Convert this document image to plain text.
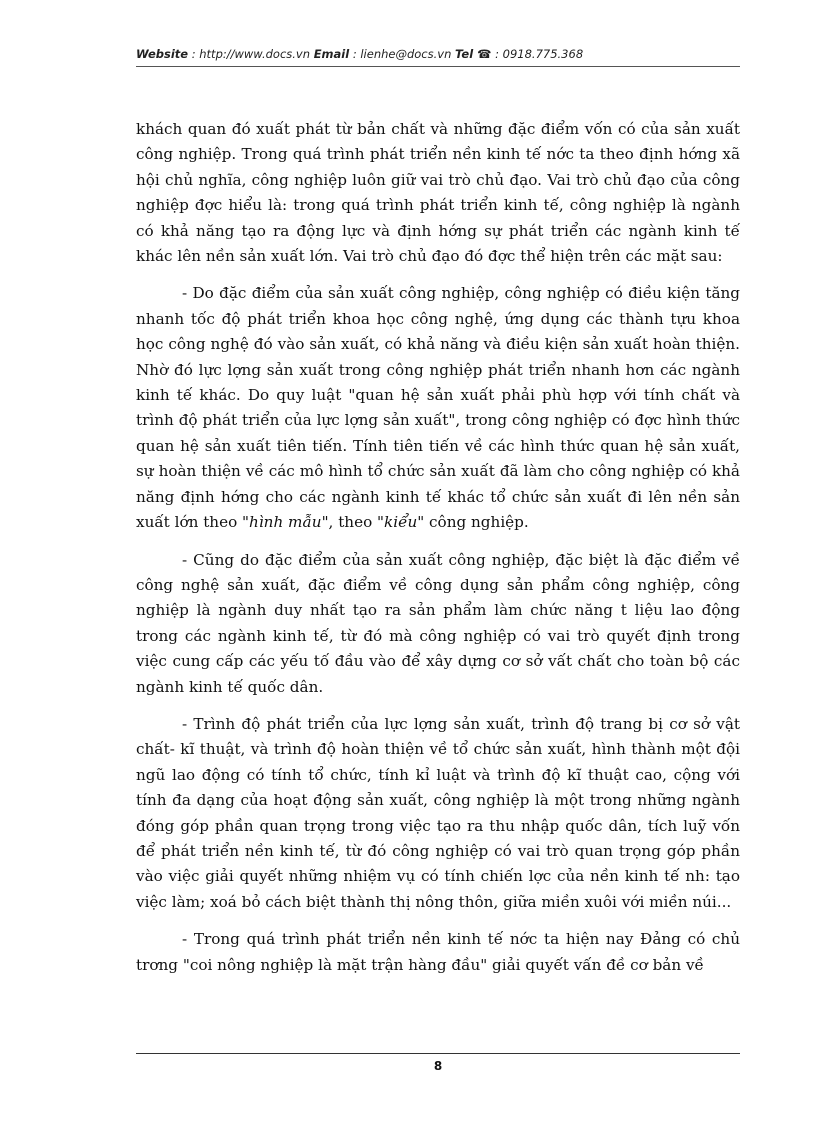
Website : http://www.docs.vn Email : lienhe@docs.vn Tel ☎ : 0918.775.368

khách quan đó xuất phát từ bản chất và những đặc điểm vốn có của sản xuất công nghiệp. Trong quá trình phát triển nền kinh tế nớc ta theo định hớng xã hội chủ nghĩa, công nghiệp luôn giữ vai trò chủ đạo. Vai trò chủ đạo của công nghiệp đợc hiểu là: trong quá trình phát triển kinh tế, công nghiệp là ngành có khả năng tạo ra động lực và định hớng sự phát triển các ngành kinh tế khác lên nền sản xuất lớn. Vai trò chủ đạo đó đợc thể hiện trên các mặt sau:

- Do đặc điểm của sản xuất công nghiệp, công nghiệp có điều kiện tăng nhanh tốc độ phát triển khoa học công nghệ, ứng dụng các thành tựu khoa học công nghệ đó vào sản xuất, có khả năng và điều kiện sản xuất hoàn thiện. Nhờ đó lực lợng sản xuất trong công nghiệp phát triển nhanh hơn các ngành kinh tế khác. Do quy luật "quan hệ sản xuất phải phù hợp với tính chất và trình độ phát triển của lực lợng sản xuất", trong công nghiệp có đợc hình thức quan hệ sản xuất tiên tiến. Tính tiên tiến về các hình thức quan hệ sản xuất, sự hoàn thiện về các mô hình tổ chức sản xuất đã làm cho công nghiệp có khả năng định hớng cho các ngành kinh tế khác tổ chức sản xuất đi lên nền sản xuất lớn theo "hình mẫu", theo "kiểu" công nghiệp.

- Cũng do đặc điểm của sản xuất công nghiệp, đặc biệt là đặc điểm về công nghệ sản xuất, đặc điểm về công dụng sản phẩm công nghiệp, công nghiệp là ngành duy nhất tạo ra sản phẩm làm chức năng t liệu lao động trong các ngành kinh tế, từ đó mà công nghiệp có vai trò quyết định trong việc cung cấp các yếu tố đầu vào để xây dựng cơ sở vất chất cho toàn bộ các ngành kinh tế quốc dân.

- Trình độ phát triển của lực lợng sản xuất, trình độ trang bị cơ sở vật chất- kĩ thuật, và trình độ hoàn thiện về tổ chức sản xuất, hình thành một đội ngũ lao động có tính tổ chức, tính kỉ luật và trình độ kĩ thuật cao, cộng với tính đa dạng của hoạt động sản xuất, công nghiệp là một trong những ngành đóng góp phần quan trọng trong việc tạo ra thu nhập quốc dân, tích luỹ vốn để phát triển nền kinh tế, từ đó công nghiệp có vai trò quan trọng góp phần vào việc giải quyết những nhiệm vụ có tính chiến lợc của nền kinh tế nh: tạo việc làm; xoá bỏ cách biệt thành thị nông thôn, giữa miền xuôi với miền núi...

- Trong quá trình phát triển nền kinh tế nớc ta hiện nay Đảng có chủ trơng "coi nông nghiệp là mặt trận hàng đầu" giải quyết vấn đề cơ bản về

8
